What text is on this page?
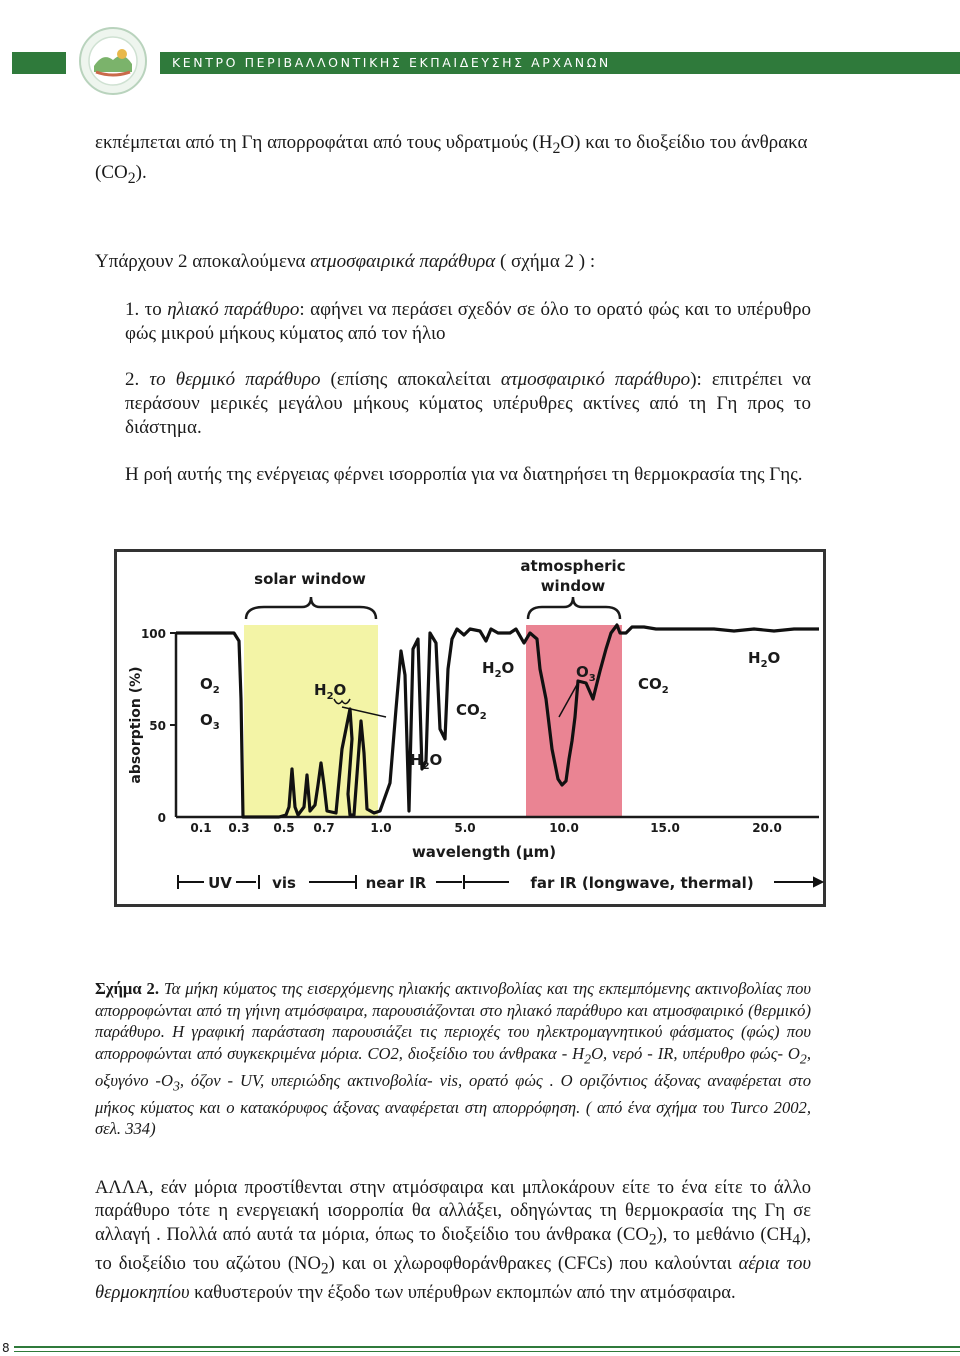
ΚΕΝΤΡΟ ΠΕΡΙΒΑΛΛΟΝΤΙΚΗΣ ΕΚΠΑΙΔΕΥΣΗΣ ΑΡΧΑΝΩΝ
εκπέμπεται από τη Γη απορροφάται από τους υδρατμούς $(H_2O)$ και το διοξείδιο του άνθρακα $(CO_2)$.
Υπάρχουν 2 αποκαλούμενα ατμοσφαιρικά παράθυρα ( σχήμα 2 ) :
1. το ηλιακό παράθυρο: αφήνει να περάσει σχεδόν σε όλο το ορατό φώς και το υπέρυθρο φώς μικρού μήκους κύματος από τον ήλιο
2. το θερμικό παράθυρο (επίσης αποκαλείται ατμοσφαιρικό παράθυρο): επιτρέπει να περάσουν μερικές μεγάλου μήκους κύματος υπέρυθρες ακτίνες από τη Γη προς το διάστημα.
Η ροή αυτής της ενέργειας φέρνει ισορροπία για να διατηρήσει τη θερμοκρασία της Γης.
solar window
atmospheric
window
100
50
0
absorption (%)
0.1 0.3 0.5 0.7	1.0	5.0	10.0	15.0	20.0
wavelength (μm)
$O_2$
$O_3$
$H_2O$
$H_2O$
$H_2O$
$CO_2$
$O_3$	$CO_2$
$H_2O$
UV	vis	near IR	far IR (longwave, thermal)
Σχήμα 2. Τα μήκη κύματος της εισερχόμενης ηλιακής ακτινοβολίας και της εκπεμπόμενης ακτινοβολίας που απορροφώνται από τη γήινη ατμόσφαιρα, παρουσιάζονται στο ηλιακό παράθυρο και ατμοσφαιρικό (θερμικό) παράθυρο. Η γραφική παράσταση παρουσιάζει τις περιοχές του ηλεκτρομαγνητικού φάσματος (φώς) που απορροφώνται από συγκεκριμένα μόρια. CO2, διοξείδιο του άνθρακα - $H_2O$, νερό - IR, υπέρυθρο φώς- $O_2$, οξυγόνο $-O_3$, όζον - UV, υπεριώδης ακτινοβολία- vis, ορατό φώς . Ο οριζόντιος άξονας αναφέρεται στο μήκος κύματος και ο κατακόρυφος άξονας αναφέρεται στη απορρόφηση. ( από ένα σχήμα του Turco 2002, σελ. 334)
ΑΛΛΑ, εάν μόρια προστίθενται στην ατμόσφαιρα και μπλοκάρουν είτε το ένα είτε το άλλο παράθυρο τότε η ενεργειακή ισορροπία θα αλλάξει, οδηγώντας τη θερμοκρασία της Γη σε αλλαγή . Πολλά από αυτά τα μόρια, όπως το διοξείδιο του άνθρακα $(CO_2)$, το μεθάνιο $(CH_4)$, το διοξείδιο του αζώτου $(NO_2)$ και οι χλωροφθοράνθρακες (CFCs) που καλούνται αέρια του θερμοκηπίου καθυστερούν την έξοδο των υπέρυθρων εκπομπών από την ατμόσφαιρα.
8
